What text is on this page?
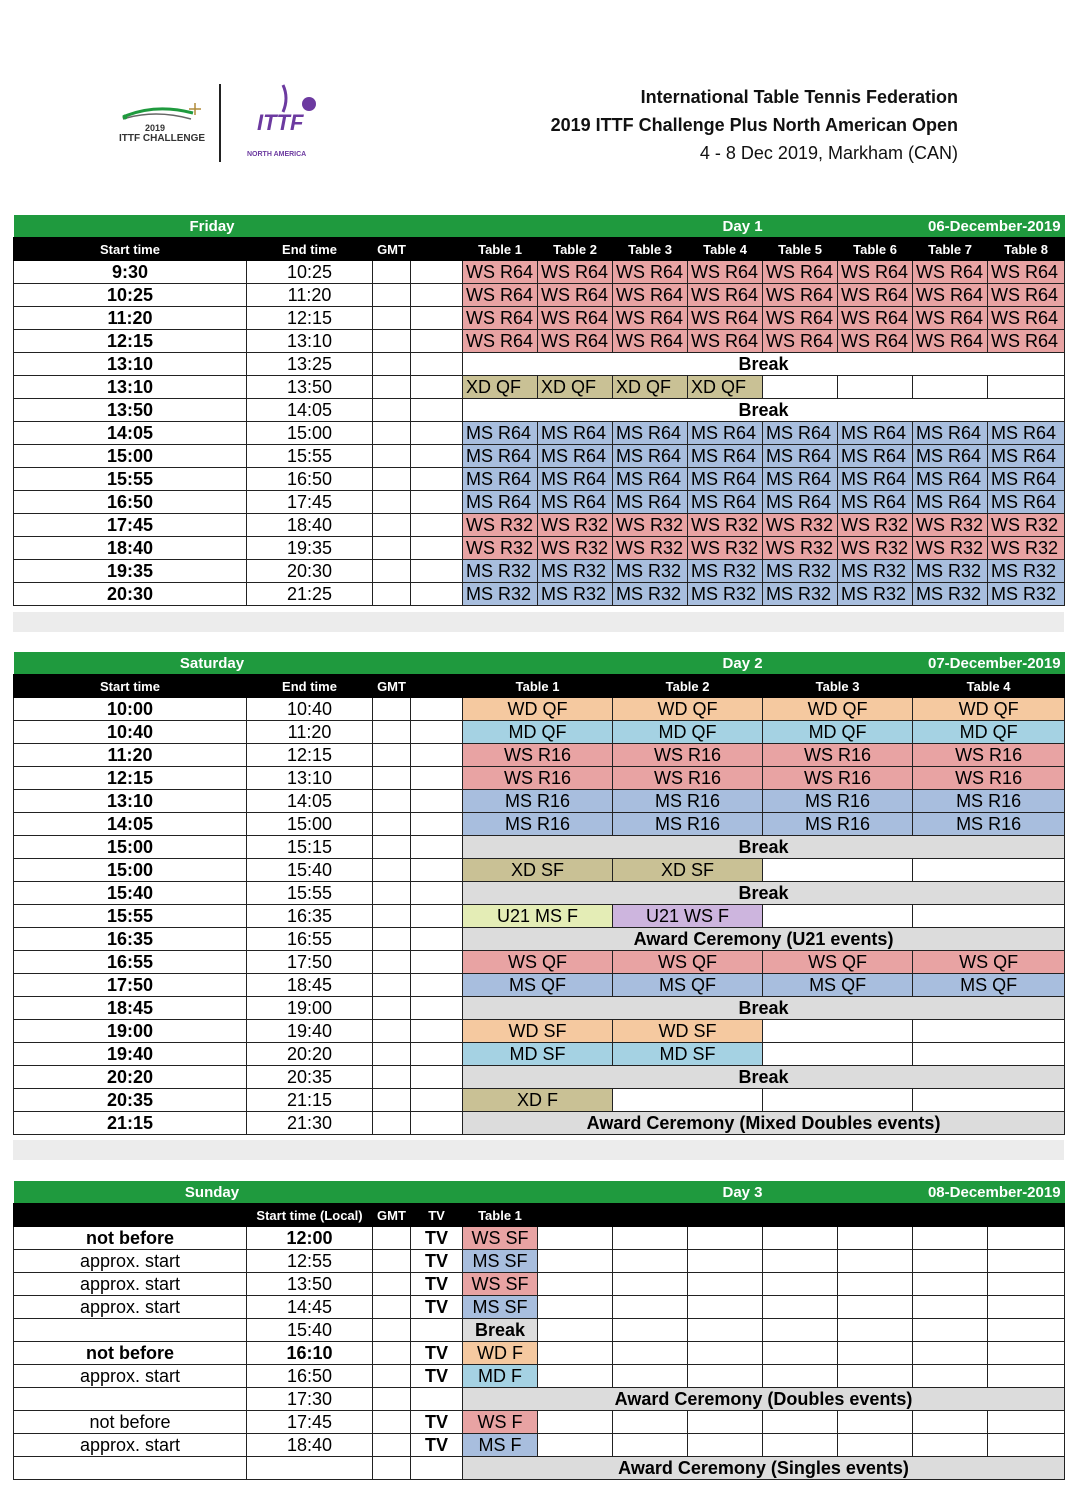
2019
ITTF CHALLENGE
ITTF
NORTH AMERICA
International Table Tennis Federation
2019 ITTF Challenge Plus North American Open
4 - 8 Dec 2019, Markham (CAN)
Friday				Day 1				06-December-2019			
Start time	End time	GMT		Table 1	Table 2	Table 3	Table 4	Table 5	Table 6	Table 7	Table 8
9:30	10:25			WS R64	WS R64	WS R64	WS R64	WS R64	WS R64	WS R64	WS R64
10:25	11:20			WS R64	WS R64	WS R64	WS R64	WS R64	WS R64	WS R64	WS R64
11:20	12:15			WS R64	WS R64	WS R64	WS R64	WS R64	WS R64	WS R64	WS R64
12:15	13:10			WS R64	WS R64	WS R64	WS R64	WS R64	WS R64	WS R64	WS R64
13:10	13:25			Break							
13:10	13:50			XD QF	XD QF	XD QF	XD QF				
13:50	14:05			Break							
14:05	15:00			MS R64	MS R64	MS R64	MS R64	MS R64	MS R64	MS R64	MS R64
15:00	15:55			MS R64	MS R64	MS R64	MS R64	MS R64	MS R64	MS R64	MS R64
15:55	16:50			MS R64	MS R64	MS R64	MS R64	MS R64	MS R64	MS R64	MS R64
16:50	17:45			MS R64	MS R64	MS R64	MS R64	MS R64	MS R64	MS R64	MS R64
17:45	18:40			WS R32	WS R32	WS R32	WS R32	WS R32	WS R32	WS R32	WS R32
18:40	19:35			WS R32	WS R32	WS R32	WS R32	WS R32	WS R32	WS R32	WS R32
19:35	20:30			MS R32	MS R32	MS R32	MS R32	MS R32	MS R32	MS R32	MS R32
20:30	21:25			MS R32	MS R32	MS R32	MS R32	MS R32	MS R32	MS R32	MS R32
Saturday				Day 2		07-December-2019	
Start time	End time	GMT		Table 1	Table 2	Table 3	Table 4
10:00	10:40			WD QF	WD QF	WD QF	WD QF
10:40	11:20			MD QF	MD QF	MD QF	MD QF
11:20	12:15			WS R16	WS R16	WS R16	WS R16
12:15	13:10			WS R16	WS R16	WS R16	WS R16
13:10	14:05			MS R16	MS R16	MS R16	MS R16
14:05	15:00			MS R16	MS R16	MS R16	MS R16
15:00	15:15			Break			
15:00	15:40			XD SF	XD SF		
15:40	15:55			Break			
15:55	16:35			U21 MS F	U21 WS F		
16:35	16:55			Award Ceremony (U21 events)			
16:55	17:50			WS QF	WS QF	WS QF	WS QF
17:50	18:45			MS QF	MS QF	MS QF	MS QF
18:45	19:00			Break			
19:00	19:40			WD SF	WD SF		
19:40	20:20			MD SF	MD SF		
20:20	20:35			Break			
20:35	21:15			XD F			
21:15	21:30			Award Ceremony (Mixed Doubles events)			
Sunday				Day 3				08-December-2019			
	Start time (Local)	GMT	TV	Table 1							
not before	12:00		TV	WS SF							
approx. start	12:55		TV	MS SF							
approx. start	13:50		TV	WS SF							
approx. start	14:45		TV	MS SF							
	15:40			Break							
not before	16:10		TV	WD F							
approx. start	16:50		TV	MD F							
	17:30			Award Ceremony (Doubles events)							
not before	17:45		TV	WS F							
approx. start	18:40		TV	MS F							
				Award Ceremony (Singles events)							
